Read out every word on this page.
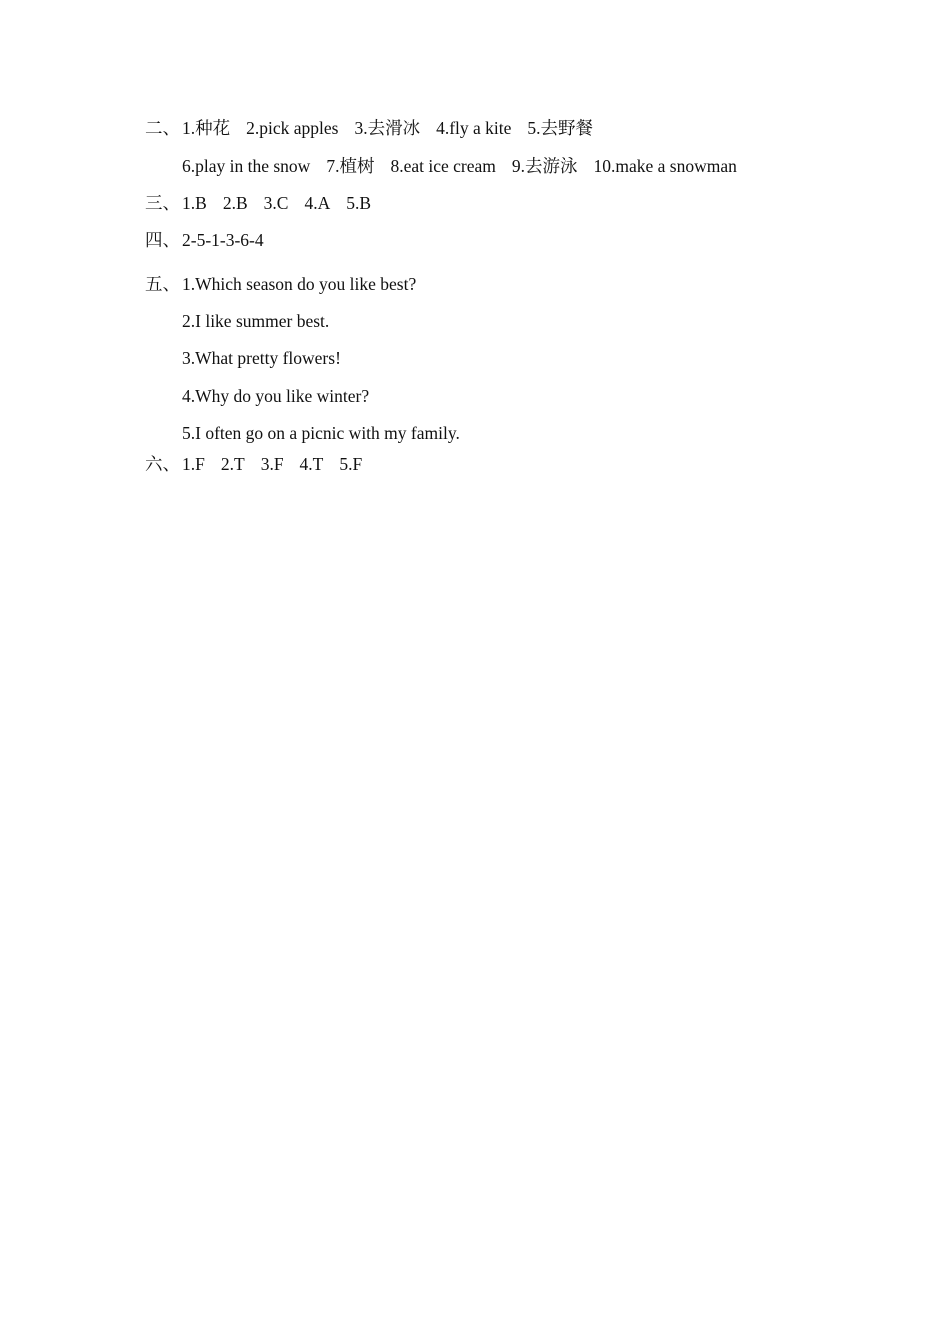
二、 1.种花 2.pick apples 3.去滑冰 4.fly a kite 5.去野餐
6.play in the snow 7.植树 8.eat ice cream 9.去游泳 10.make a snowman
三、 1.B 2.B 3.C 4.A 5.B
四、 2-5-1-3-6-4
五、 1.Which season do you like best?
2.I like summer best.
3.What pretty flowers!
4.Why do you like winter?
5.I often go on a picnic with my family.
六、 1.F 2.T 3.F 4.T 5.F
